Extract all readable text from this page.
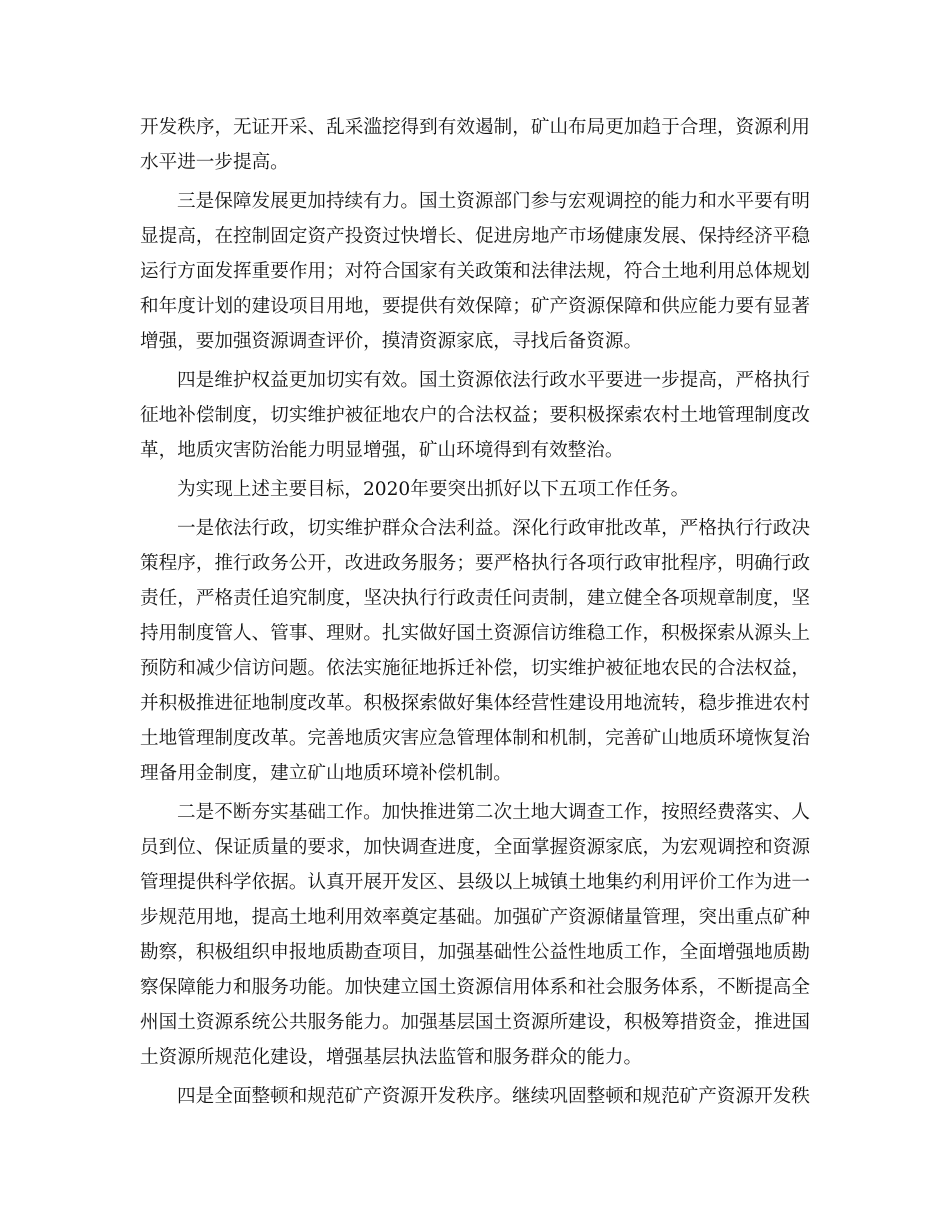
开发秩序，无证开采、乱采滥挖得到有效遏制，矿山布局更加趋于合理，资源利用
水平进一步提高。
三是保障发展更加持续有力。国土资源部门参与宏观调控的能力和水平要有明
显提高，在控制固定资产投资过快增长、促进房地产市场健康发展、保持经济平稳
运行方面发挥重要作用；对符合国家有关政策和法律法规，符合土地利用总体规划
和年度计划的建设项目用地，要提供有效保障；矿产资源保障和供应能力要有显著
增强，要加强资源调查评价，摸清资源家底，寻找后备资源。
四是维护权益更加切实有效。国土资源依法行政水平要进一步提高，严格执行
征地补偿制度，切实维护被征地农户的合法权益；要积极探索农村土地管理制度改
革，地质灾害防治能力明显增强，矿山环境得到有效整治。
为实现上述主要目标，2020年要突出抓好以下五项工作任务。
一是依法行政，切实维护群众合法利益。深化行政审批改革，严格执行行政决
策程序，推行政务公开，改进政务服务；要严格执行各项行政审批程序，明确行政
责任，严格责任追究制度，坚决执行行政责任问责制，建立健全各项规章制度，坚
持用制度管人、管事、理财。扎实做好国土资源信访维稳工作，积极探索从源头上
预防和减少信访问题。依法实施征地拆迁补偿，切实维护被征地农民的合法权益，
并积极推进征地制度改革。积极探索做好集体经营性建设用地流转，稳步推进农村
土地管理制度改革。完善地质灾害应急管理体制和机制，完善矿山地质环境恢复治
理备用金制度，建立矿山地质环境补偿机制。
二是不断夯实基础工作。加快推进第二次土地大调查工作，按照经费落实、人
员到位、保证质量的要求，加快调查进度，全面掌握资源家底，为宏观调控和资源
管理提供科学依据。认真开展开发区、县级以上城镇土地集约利用评价工作为进一
步规范用地，提高土地利用效率奠定基础。加强矿产资源储量管理，突出重点矿种
勘察，积极组织申报地质勘查项目，加强基础性公益性地质工作，全面增强地质勘
察保障能力和服务功能。加快建立国土资源信用体系和社会服务体系，不断提高全
州国土资源系统公共服务能力。加强基层国土资源所建设，积极筹措资金，推进国
土资源所规范化建设，增强基层执法监管和服务群众的能力。
四是全面整顿和规范矿产资源开发秩序。继续巩固整顿和规范矿产资源开发秩
